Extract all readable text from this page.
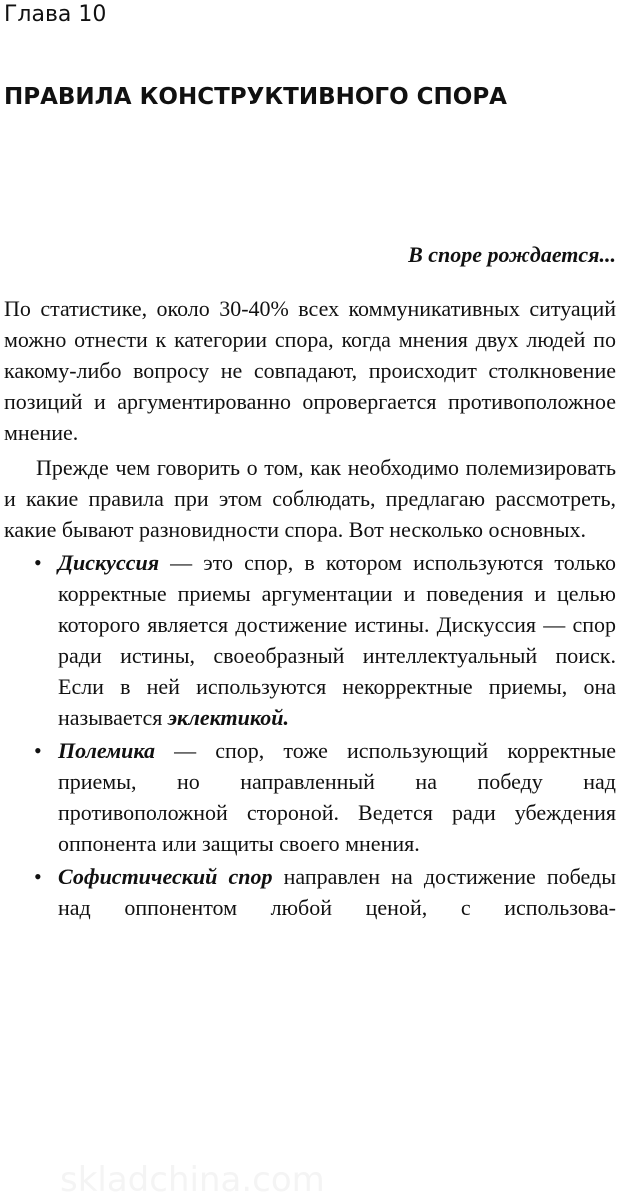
Глава 10
ПРАВИЛА КОНСТРУКТИВНОГО СПОРА
В споре рождается...

По статистике, около 30-40% всех коммуникативных ситуаций можно отнести к категории спора, когда мнения двух людей по какому-либо вопросу не совпадают, происходит столкновение позиций и аргументированно опровергается противоположное мнение.

Прежде чем говорить о том, как необходимо полемизировать и какие правила при этом соблюдать, предлагаю рассмотреть, какие бывают разновидности спора. Вот несколько основных.

• Дискуссия — это спор, в котором используются только корректные приемы аргументации и поведения и целью которого является достижение истины. Дискуссия — спор ради истины, своеобразный интеллектуальный поиск. Если в ней используются некорректные приемы, она называется эклектикой.
• Полемика — спор, тоже использующий корректные приемы, но направленный на победу над противоположной стороной. Ведется ради убеждения оппонента или защиты своего мнения.
• Софистический спор направлен на достижение победы над оппонентом любой ценой, с использова-
skladchina.com
